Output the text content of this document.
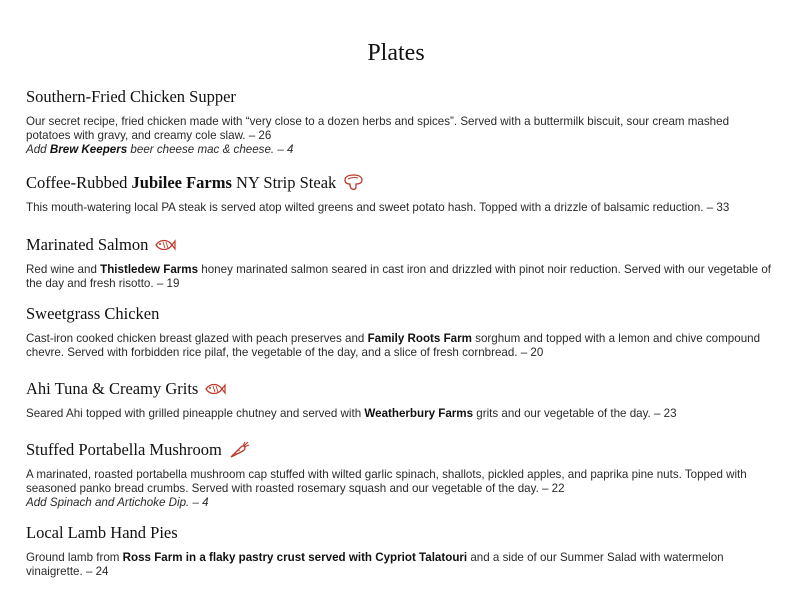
Plates
Southern-Fried Chicken Supper
Our secret recipe, fried chicken made with “very close to a dozen herbs and spices”. Served with a buttermilk biscuit, sour cream mashed potatoes with gravy, and creamy cole slaw. – 26
Add Brew Keepers beer cheese mac & cheese. – 4
Coffee-Rubbed Jubilee Farms NY Strip Steak
This mouth-watering local PA steak is served atop wilted greens and sweet potato hash. Topped with a drizzle of balsamic reduction. – 33
Marinated Salmon
Red wine and Thistledew Farms honey marinated salmon seared in cast iron and drizzled with pinot noir reduction. Served with our vegetable of the day and fresh risotto. – 19
Sweetgrass Chicken
Cast-iron cooked chicken breast glazed with peach preserves and Family Roots Farm sorghum and topped with a lemon and chive compound chevre. Served with forbidden rice pilaf, the vegetable of the day, and a slice of fresh cornbread. – 20
Ahi Tuna & Creamy Grits
Seared Ahi topped with grilled pineapple chutney and served with Weatherbury Farms grits and our vegetable of the day. – 23
Stuffed Portabella Mushroom
A marinated, roasted portabella mushroom cap stuffed with wilted garlic spinach, shallots, pickled apples, and paprika pine nuts. Topped with seasoned panko bread crumbs. Served with roasted rosemary squash and our vegetable of the day. – 22
Add Spinach and Artichoke Dip. – 4
Local Lamb Hand Pies
Ground lamb from Ross Farm in a flaky pastry crust served with Cypriot Talatouri and a side of our Summer Salad with watermelon vinaigrette. – 24
